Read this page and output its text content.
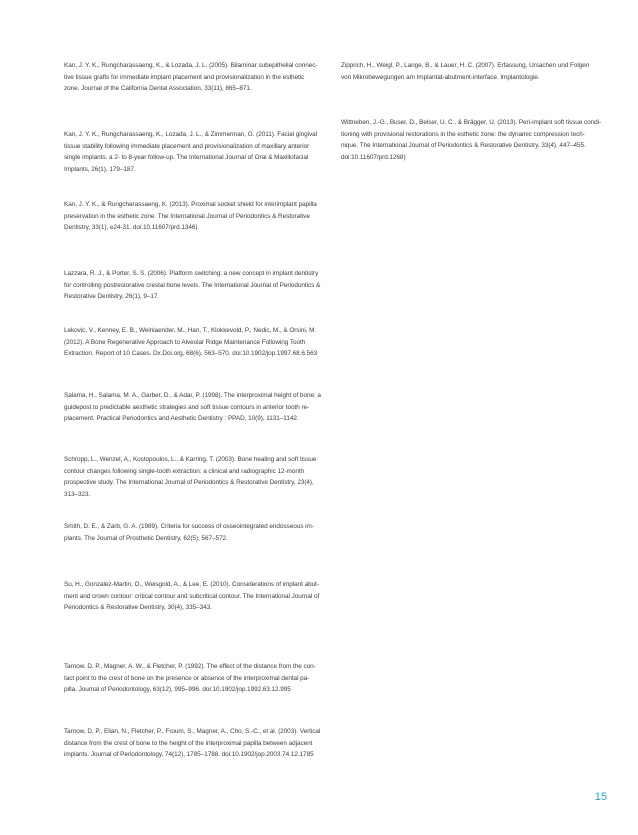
Kan, J. Y. K., Rungcharassaeng, K., & Lozada, J. L. (2005). Bilaminar subepithelial connec-
tive tissue grafts for immediate implant placement and provisionalization in the esthetic
zone. Journal of the California Dental Association, 33(11), 865–871.

Kan, J. Y. K., Rungcharassaeng, K., Lozada, J. L., & Zimmerman, G. (2011). Facial gingival
tissue stability following immediate placement and provisionalization of maxillary anterior
single implants: a 2- to 8-year follow-up. The International Journal of Oral & Maxillofacial
Implants, 26(1), 179–187.

Kan, J. Y. K., & Rungcharassaeng, K. (2013). Proximal socket shield for interimplant papilla
preservation in the esthetic zone. The International Journal of Periodontics & Restorative
Dentistry, 33(1), e24-31. doi:10.11607/prd.1346)

Lazzara, R. J., & Porter, S. S. (2006). Platform switching: a new concept in implant dentistry
for controlling postrestorative crestal bone levels. The International Journal of Periodontics &
Restorative Dentistry, 26(1), 9–17.

Lekovic, V., Kenney, E. B., Weinlaender, M., Han, T., Klokkevold, P., Nedic, M., & Orsini, M.
(2012). A Bone Regenerative Approach to Alveolar Ridge Maintenance Following Tooth
Extraction. Report of 10 Cases. Dx.Doi.org, 68(6), 563–570. doi:10.1902/jop.1997.68.6.563

Salama, H., Salama, M. A., Garber, D., & Adar, P. (1998). The interproximal height of bone: a
guidepost to predictable aesthetic strategies and soft tissue contours in anterior tooth re-
placement. Practical Periodontics and Aesthetic Dentistry : PPAD, 10(9), 1131–1142.

Schropp, L., Wenzel, A., Kostopoulos, L., & Karring, T. (2003). Bone healing and soft tissue
contour changes following single-tooth extraction: a clinical and radiographic 12-month
prospective study. The International Journal of Periodontics & Restorative Dentistry, 23(4),
313–323.

Smith, D. E., & Zarb, G. A. (1989). Criteria for success of osseointegrated endosseous im-
plants. The Journal of Prosthetic Dentistry, 62(5), 567–572.

Su, H., Gonzalez-Martin, O., Weisgold, A., & Lee, E. (2010). Considerations of implant abut-
ment and crown contour: critical contour and subcritical contour. The International Journal of
Periodontics & Restorative Dentistry, 30(4), 335–343.

Tarnow, D. P., Magner, A. W., & Fletcher, P. (1992). The effect of the distance from the con-
tact point to the crest of bone on the presence or absence of the interproximal dental pa-
pilla. Journal of Periodontology, 63(12), 995–996. doi:10.1902/jop.1992.63.12.995

Tarnow, D. P., Elian, N., Fletcher, P., Froum, S., Magner, A., Cho, S.-C., et al. (2003). Vertical
distance from the crest of bone to the height of the interproximal papilla between adjacent
implants. Journal of Periodontology, 74(12), 1785–1788. doi:10.1902/jop.2003.74.12.1785

Zipprich, H., Weigl, P., Lange, B., & Lauer, H. C. (2007). Erfassung, Ursachen und Folgen
von Mikrobewegungen am Implantat-abutment-interface. Implantologie.

Wittneben, J.-G., Buser, D., Belser, U. C., & Brägger, U. (2013). Peri-implant soft tissue condi-
tioning with provisional restorations in the esthetic zone: the dynamic compression tech-
nique. The International Journal of Periodontics & Restorative Dentistry, 33(4), 447–455.
doi:10.11607/prd.1268)

15
